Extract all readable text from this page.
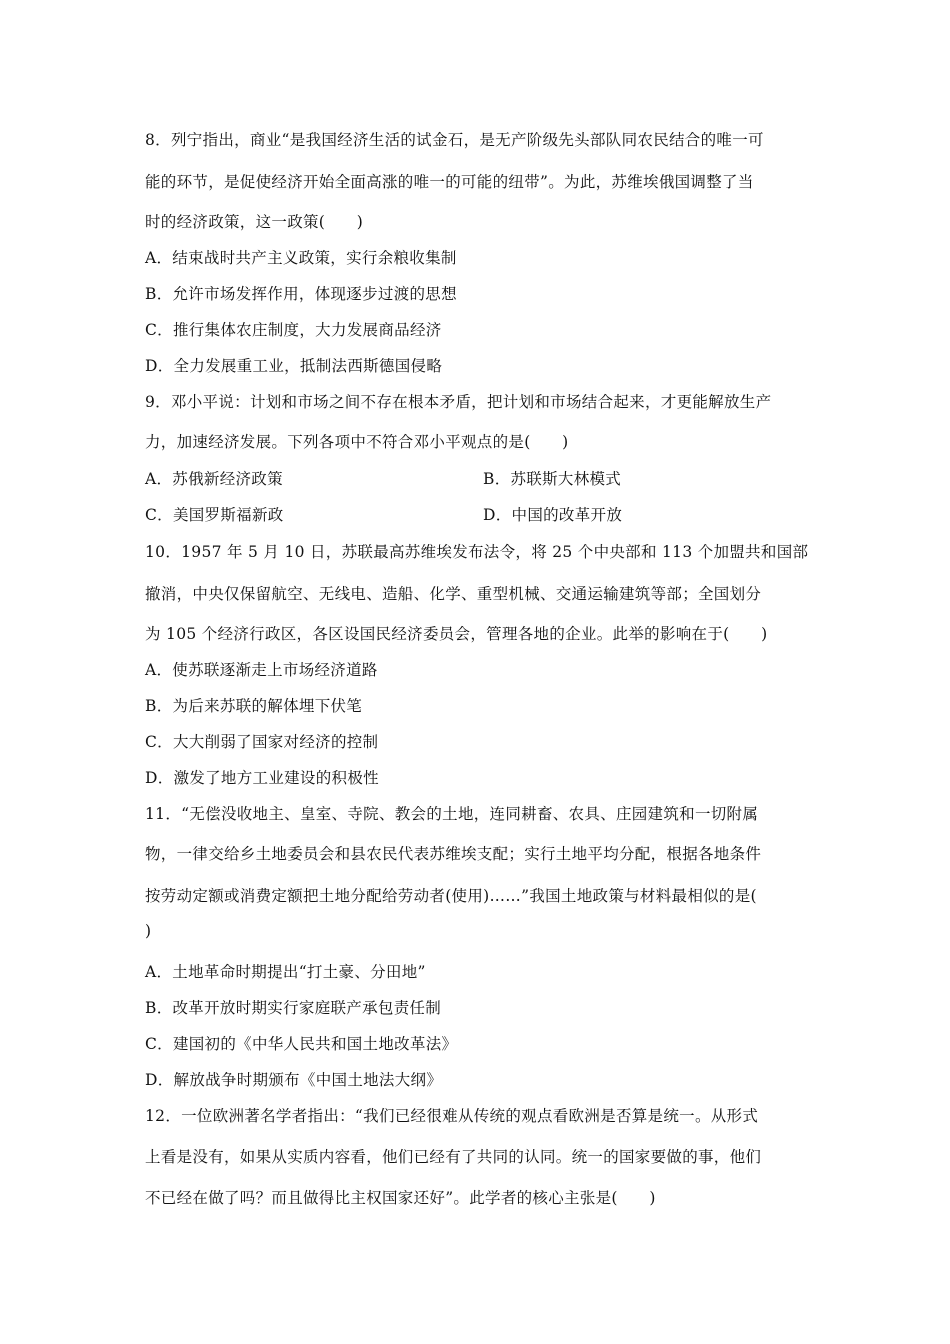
8．列宁指出，商业“是我国经济生活的试金石，是无产阶级先头部队同农民结合的唯一可
能的环节，是促使经济开始全面高涨的唯一的可能的纽带”。为此，苏维埃俄国调整了当
时的经济政策，这一政策(　　)
A．结束战时共产主义政策，实行余粮收集制
B．允许市场发挥作用，体现逐步过渡的思想
C．推行集体农庄制度，大力发展商品经济
D．全力发展重工业，抵制法西斯德国侵略
9．邓小平说：计划和市场之间不存在根本矛盾，把计划和市场结合起来，才更能解放生产
力，加速经济发展。下列各项中不符合邓小平观点的是(　　)
A．苏俄新经济政策	B．苏联斯大林模式
C．美国罗斯福新政	D．中国的改革开放
10．1957 年 5 月 10 日，苏联最高苏维埃发布法令，将 25 个中央部和 113 个加盟共和国部
撤消，中央仅保留航空、无线电、造船、化学、重型机械、交通运输建筑等部；全国划分
为 105 个经济行政区，各区设国民经济委员会，管理各地的企业。此举的影响在于(　　)
A．使苏联逐渐走上市场经济道路
B．为后来苏联的解体埋下伏笔
C．大大削弱了国家对经济的控制
D．激发了地方工业建设的积极性
11．“无偿没收地主、皇室、寺院、教会的土地，连同耕畜、农具、庄园建筑和一切附属
物，一律交给乡土地委员会和县农民代表苏维埃支配；实行土地平均分配，根据各地条件
按劳动定额或消费定额把土地分配给劳动者(使用)……”我国土地政策与材料最相似的是(
)
A．土地革命时期提出“打土豪、分田地”
B．改革开放时期实行家庭联产承包责任制
C．建国初的《中华人民共和国土地改革法》
D．解放战争时期颁布《中国土地法大纲》
12．一位欧洲著名学者指出：“我们已经很难从传统的观点看欧洲是否算是统一。从形式
上看是没有，如果从实质内容看，他们已经有了共同的认同。统一的国家要做的事，他们
不已经在做了吗？而且做得比主权国家还好”。此学者的核心主张是(　　)
